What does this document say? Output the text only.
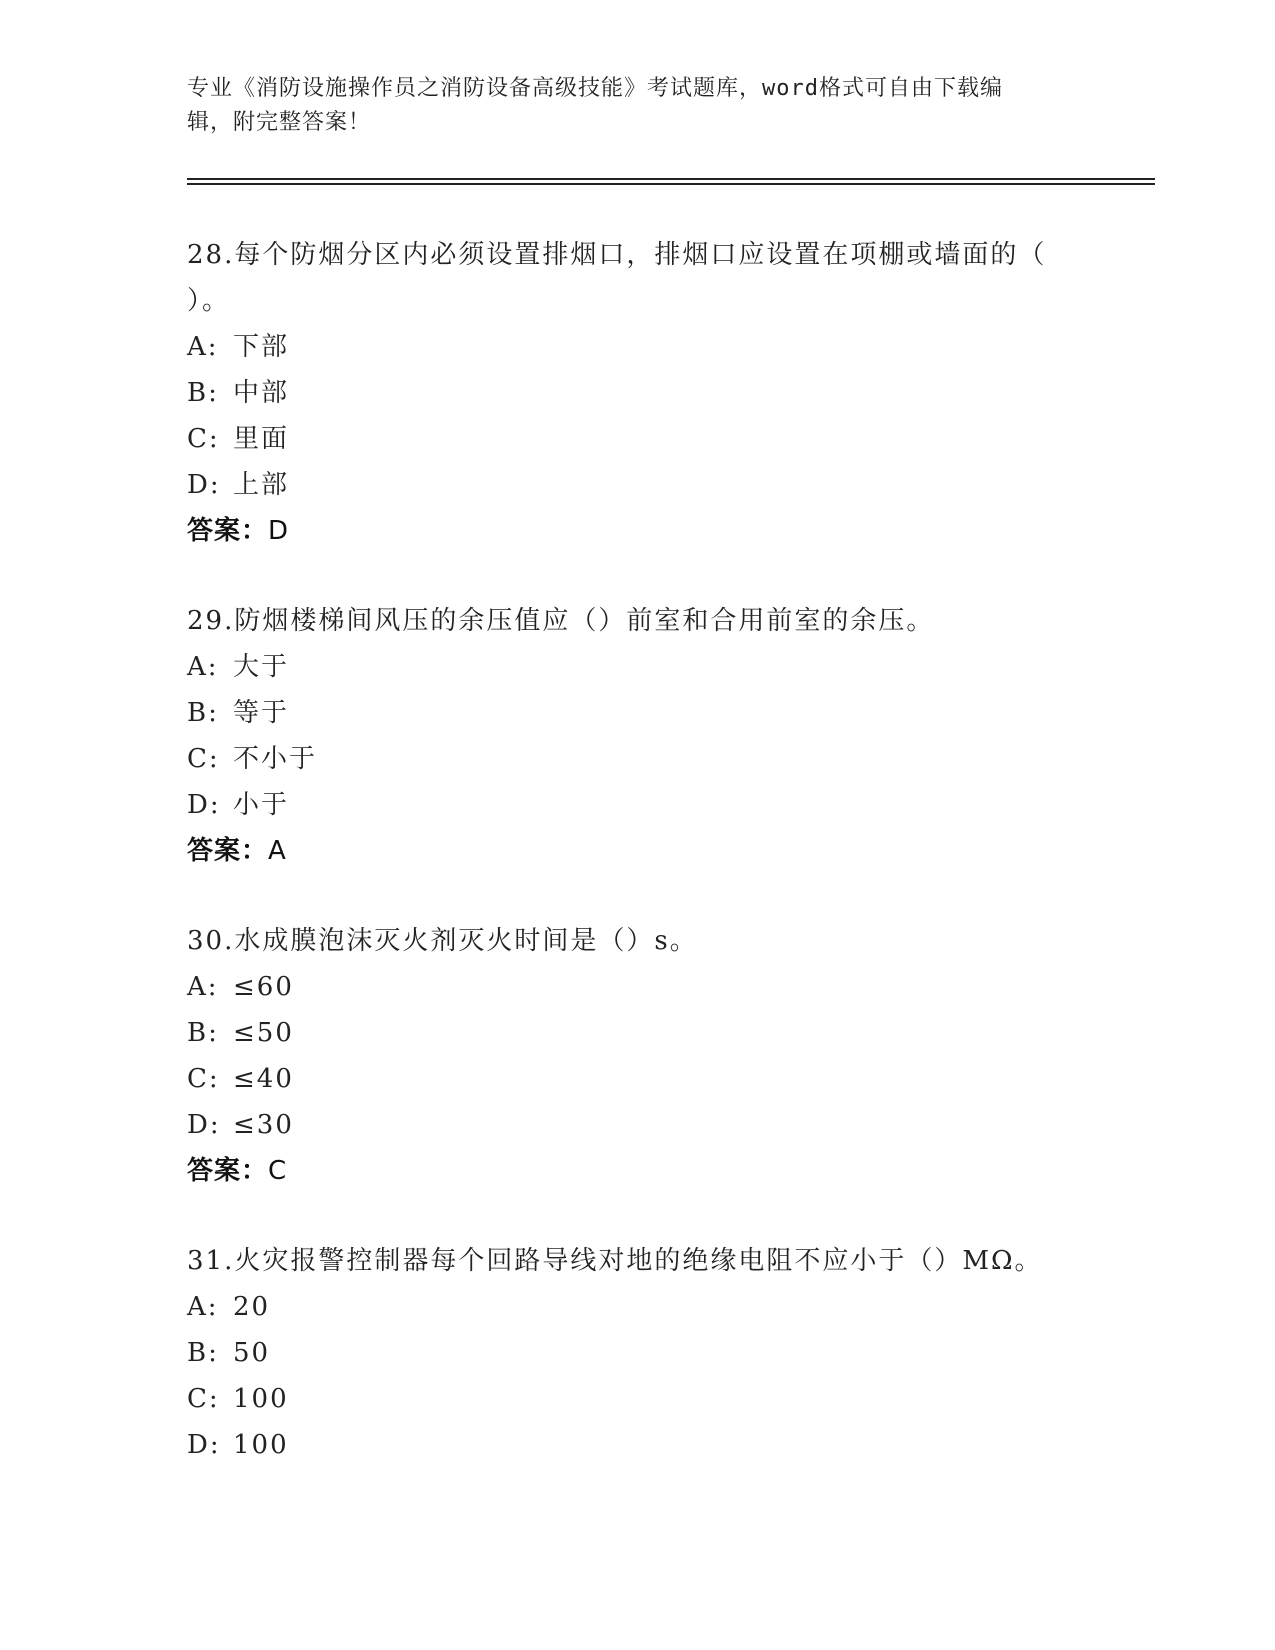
专业《消防设施操作员之消防设备高级技能》考试题库，word格式可自由下载编
辑，附完整答案！

28.每个防烟分区内必须设置排烟口，排烟口应设置在项棚或墙面的（
）。

A: 下部
B: 中部
C: 里面
D: 上部
答案：D

29.防烟楼梯间风压的余压值应（）前室和合用前室的余压。

A: 大于
B: 等于
C: 不小于
D: 小于
答案：A

30.水成膜泡沫灭火剂灭火时间是（）s。

A: ≤60
B: ≤50
C: ≤40
D: ≤30
答案：C

31.火灾报警控制器每个回路导线对地的绝缘电阻不应小于（）MΩ。

A: 20
B: 50
C: 100
D: 100
